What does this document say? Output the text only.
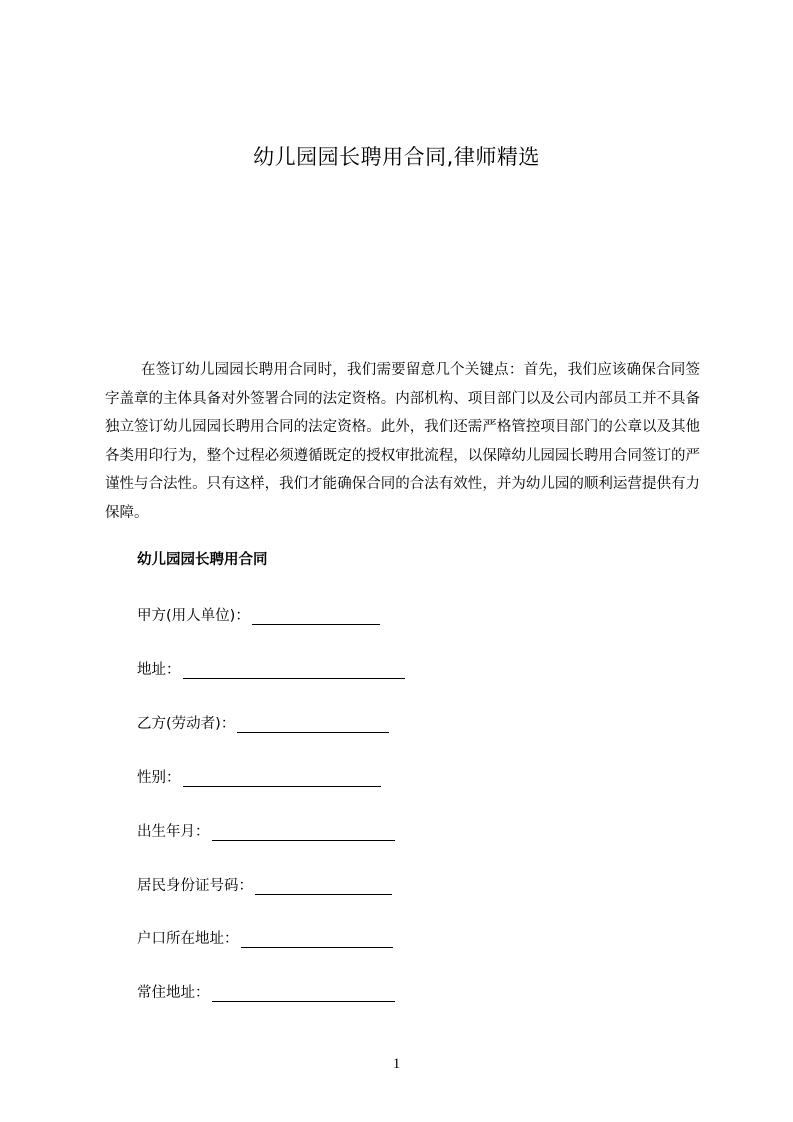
幼儿园园长聘用合同,律师精选
在签订幼儿园园长聘用合同时，我们需要留意几个关键点：首先，我们应该确保合同签字盖章的主体具备对外签署合同的法定资格。内部机构、项目部门以及公司内部员工并不具备独立签订幼儿园园长聘用合同的法定资格。此外，我们还需严格管控项目部门的公章以及其他各类用印行为，整个过程必须遵循既定的授权审批流程，以保障幼儿园园长聘用合同签订的严谨性与合法性。只有这样，我们才能确保合同的合法有效性，并为幼儿园的顺利运营提供有力保障。
幼儿园园长聘用合同
甲方(用人单位)：
地址：
乙方(劳动者)：
性别：
出生年月：
居民身份证号码：
户口所在地址：
常住地址：
1
